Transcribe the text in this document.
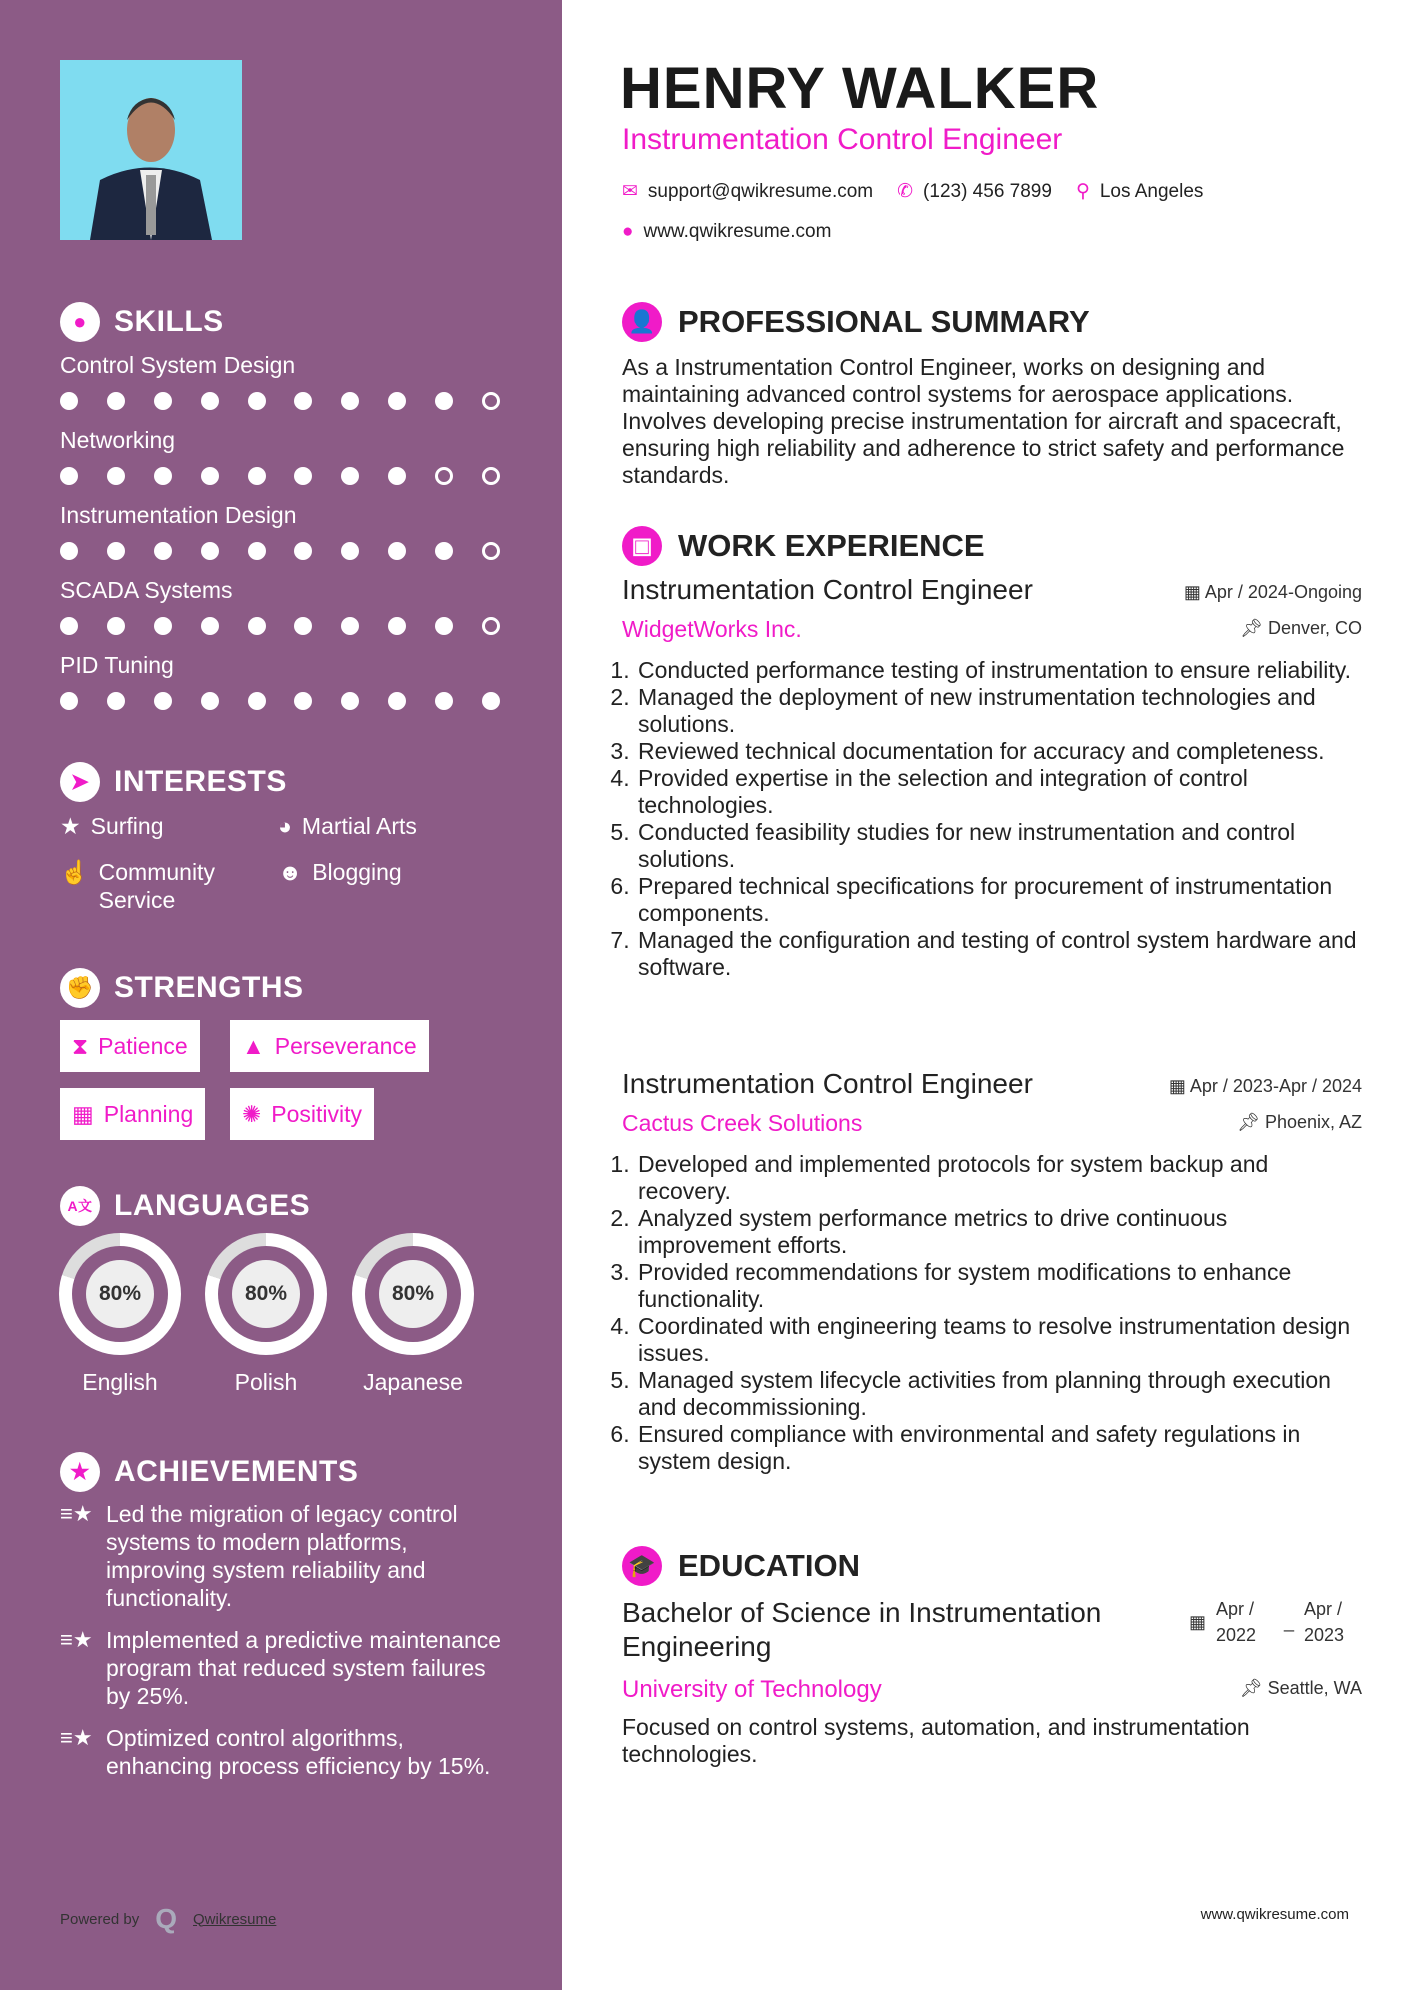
● SKILLS
Control System Design
Networking
Instrumentation Design
SCADA Systems
PID Tuning
➤ INTERESTS
★ Surfing	◕ Martial Arts
☝ Community Service
☻ Blogging
✊ STRENGTHS
⧗ Patience ▲ Perseverance
▦ Planning ✺ Positivity
A文 LANGUAGES
80%
English
80%
Polish
80%
Japanese
★ ACHIEVEMENTS
≡★ Led the migration of legacy control systems to modern platforms, improving system reliability and functionality.
≡★ Implemented a predictive maintenance program that reduced system failures by 25%.
≡★ Optimized control algorithms, enhancing process efficiency by 15%.
Powered by Q Qwikresume
HENRY WALKER
Instrumentation Control Engineer
✉ support@qwikresume.com ✆ (123) 456 7899 ⚲ Los Angeles
● www.qwikresume.com
👤 PROFESSIONAL SUMMARY
As a Instrumentation Control Engineer, works on designing and maintaining advanced control systems for aerospace applications. Involves developing precise instrumentation for aircraft and spacecraft, ensuring high reliability and adherence to strict safety and performance standards.
▣ WORK EXPERIENCE
Instrumentation Control Engineer	▦ Apr / 2024-Ongoing
WidgetWorks Inc.	📌︎ Denver, CO
1. Conducted performance testing of instrumentation to ensure reliability.
2. Managed the deployment of new instrumentation technologies and solutions.
3. Reviewed technical documentation for accuracy and completeness.
4. Provided expertise in the selection and integration of control technologies.
5. Conducted feasibility studies for new instrumentation and control solutions.
6. Prepared technical specifications for procurement of instrumentation components.
7. Managed the configuration and testing of control system hardware and software.
Instrumentation Control Engineer	▦ Apr / 2023-Apr / 2024
Cactus Creek Solutions	📌︎ Phoenix, AZ
1. Developed and implemented protocols for system backup and recovery.
2. Analyzed system performance metrics to drive continuous improvement efforts.
3. Provided recommendations for system modifications to enhance functionality.
4. Coordinated with engineering teams to resolve instrumentation design issues.
5. Managed system lifecycle activities from planning through execution and decommissioning.
6. Ensured compliance with environmental and safety regulations in system design.
🎓 EDUCATION
Bachelor of Science in Instrumentation Engineering
▦
Apr / 2022
_
Apr / 2023
University of Technology	📌︎ Seattle, WA
Focused on control systems, automation, and instrumentation technologies.
www.qwikresume.com
